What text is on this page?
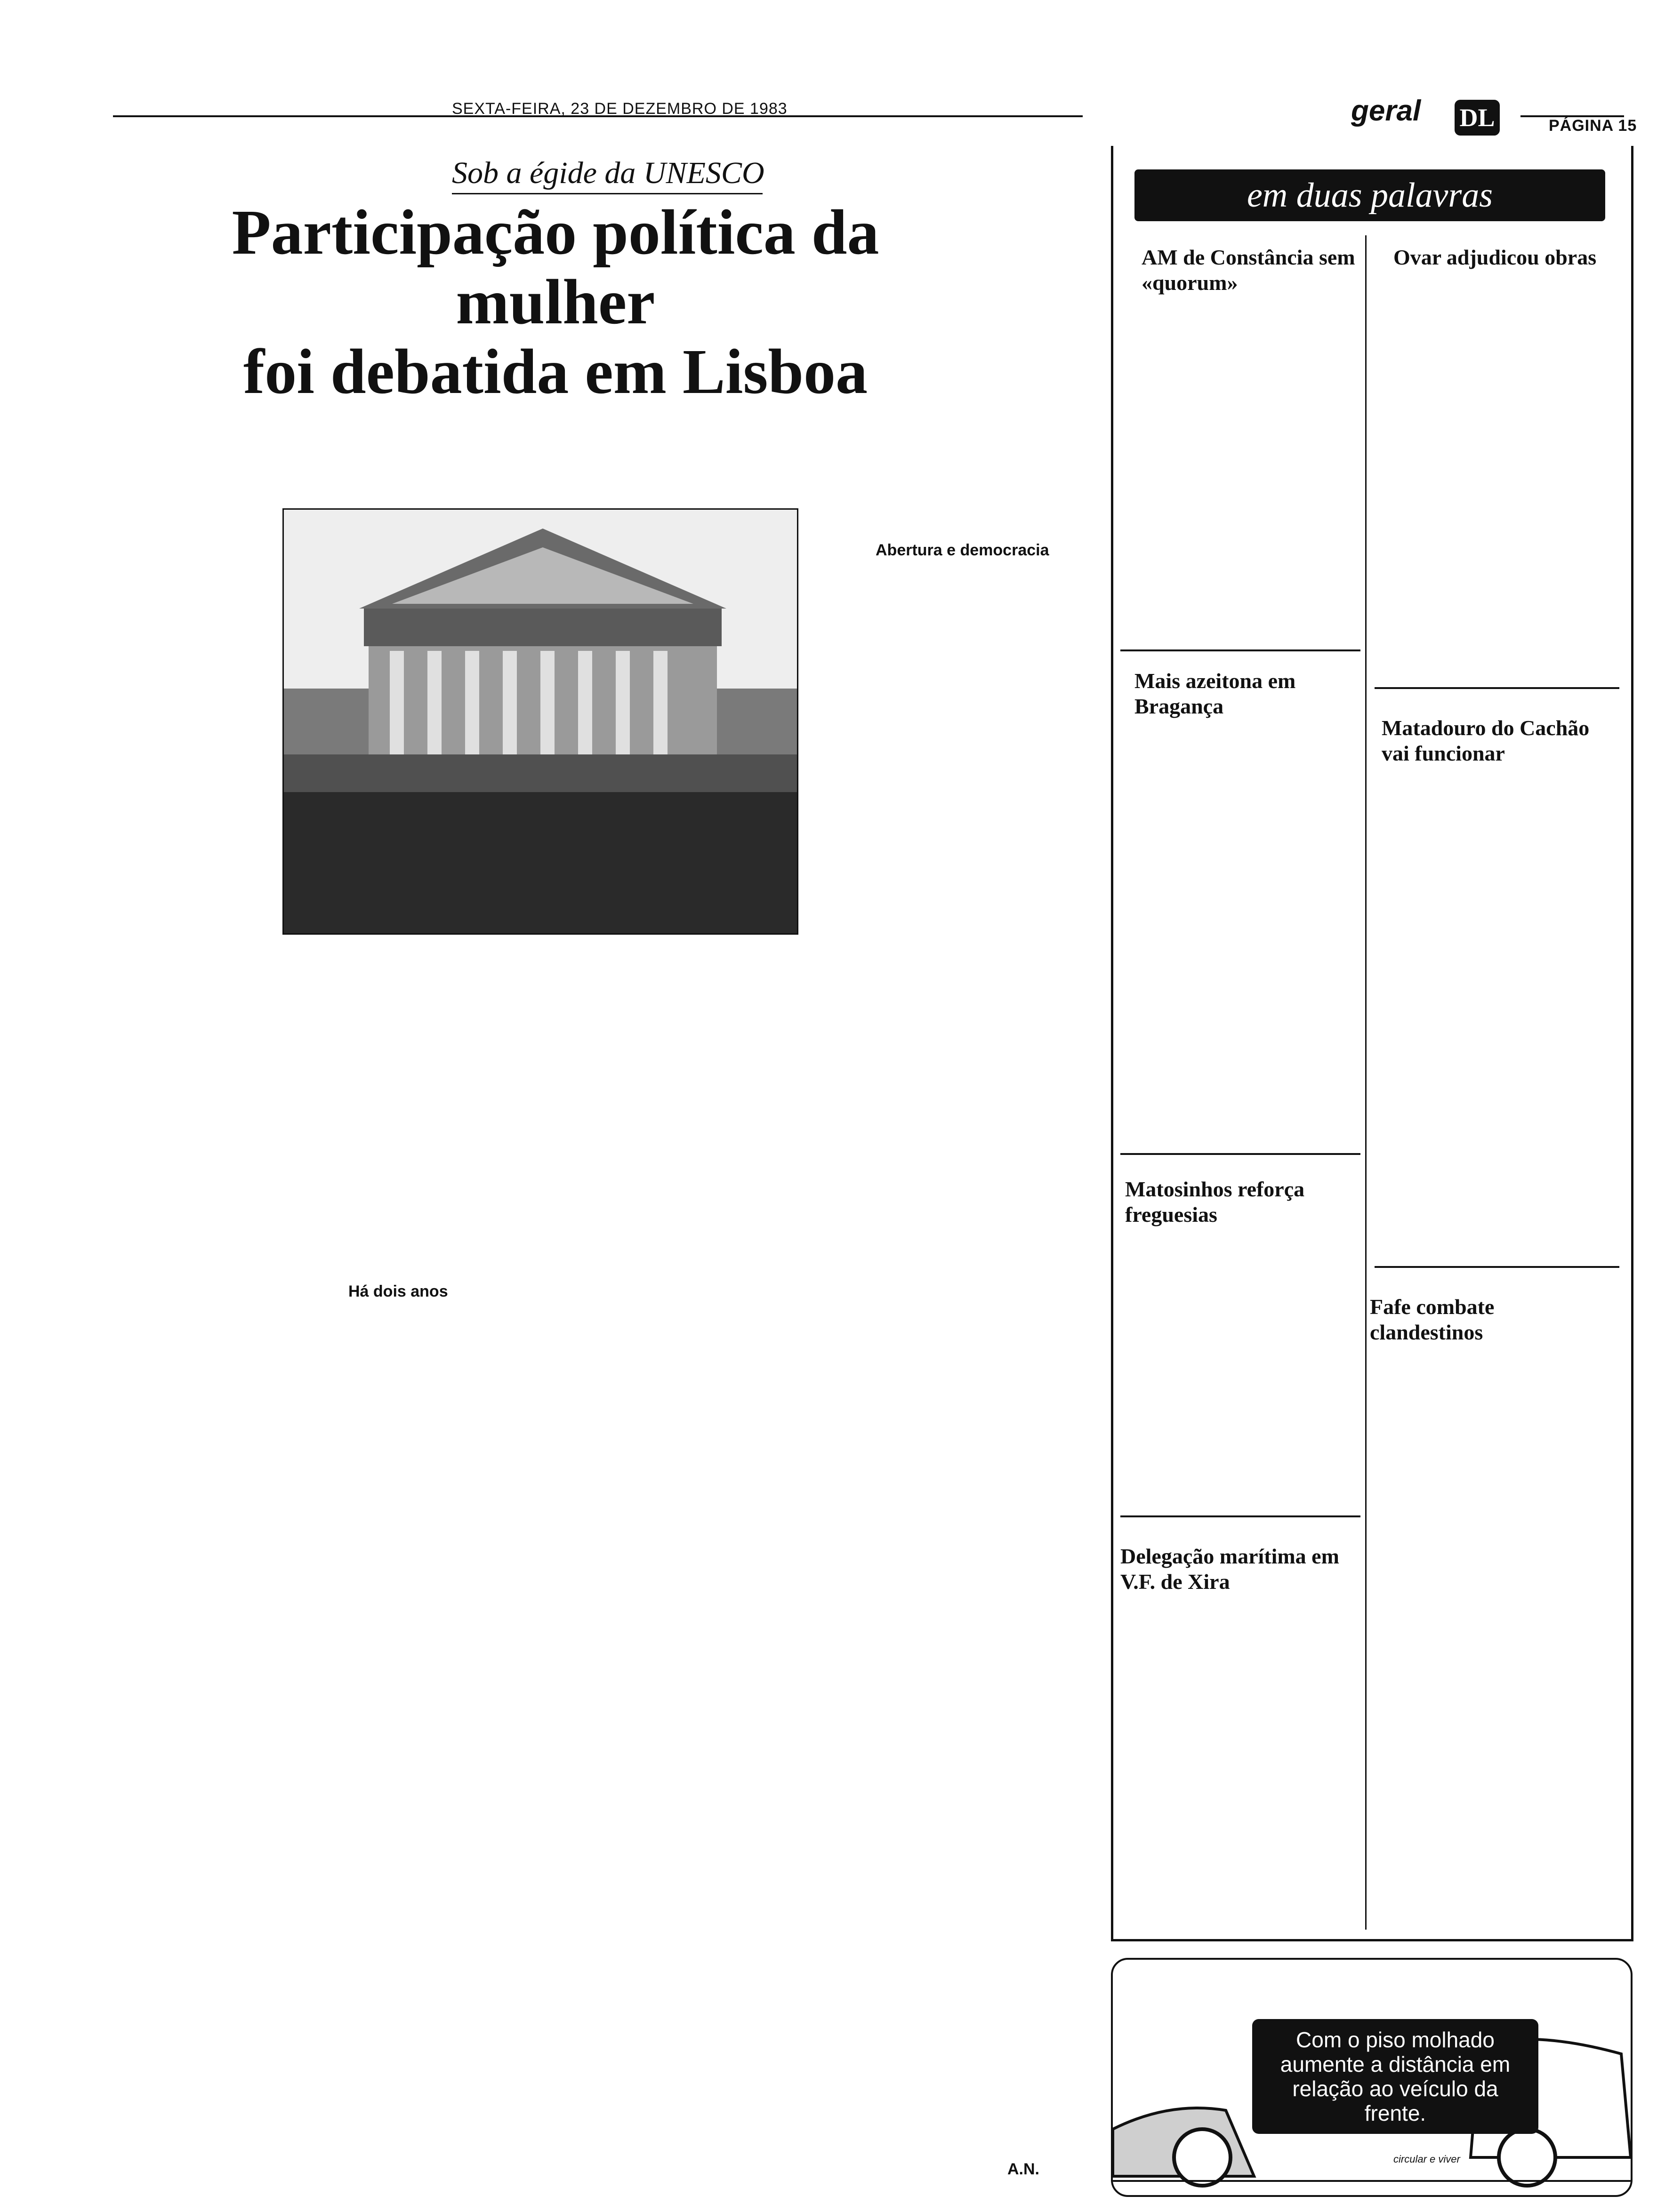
SEXTA-FEIRA, 23 DE DEZEMBRO DE 1983	geral DL	PÁGINA 15
Sob a égide da UNESCO
Participação política da mulher
foi debatida em Lisboa
Abertura e democracia
Há dois anos
A.N.
em duas palavras
AM de Constância sem «quorum»
Ovar adjudicou obras
Mais azeitona em Bragança
Matadouro do Cachão vai funcionar
Matosinhos reforça freguesias
Fafe combate clandestinos
Delegação marítima em V.F. de Xira
Com o piso molhado aumente a distância em relação ao veículo da frente.
circular e viver
